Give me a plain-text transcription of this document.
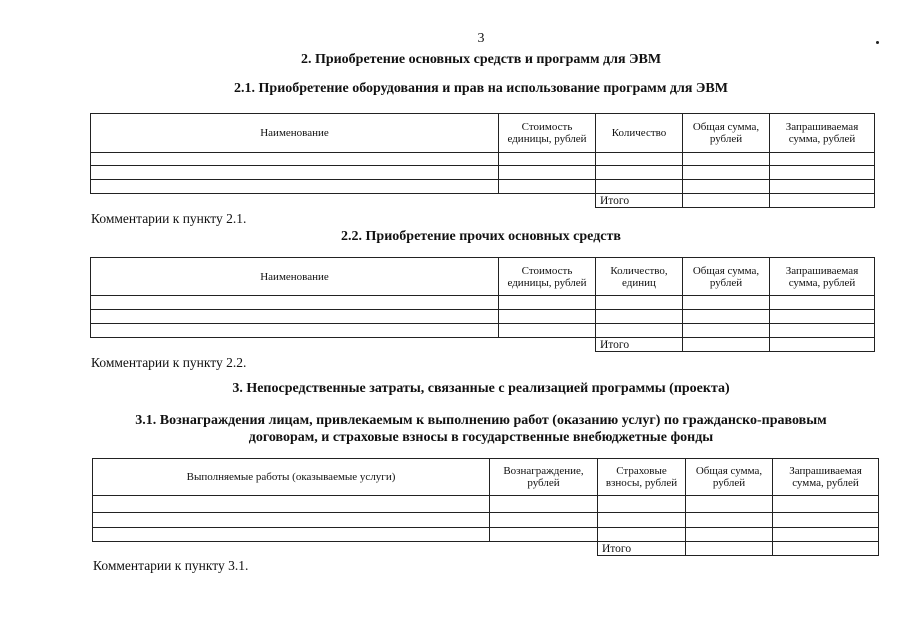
3
2. Приобретение основных средств и программ для ЭВМ
2.1. Приобретение оборудования и прав на использование программ для ЭВМ
Наименование	Стоимость единицы, рублей	Количество	Общая сумма, рублей	Запрашиваемая сумма, рублей

		Итого		
Комментарии к пункту 2.1.
2.2. Приобретение прочих основных средств
Наименование	Стоимость единицы, рублей	Количество, единиц	Общая сумма, рублей	Запрашиваемая сумма, рублей

		Итого		
Комментарии к пункту 2.2.
3. Непосредственные затраты, связанные с реализацией программы (проекта)
3.1. Вознаграждения лицам, привлекаемым к выполнению работ (оказанию услуг) по гражданско-правовым
договорам, и страховые взносы в государственные внебюджетные фонды
Выполняемые работы (оказываемые услуги)	Вознаграждение, рублей	Страховые взносы, рублей	Общая сумма, рублей	Запрашиваемая сумма, рублей

		Итого		
Комментарии к пункту 3.1.
